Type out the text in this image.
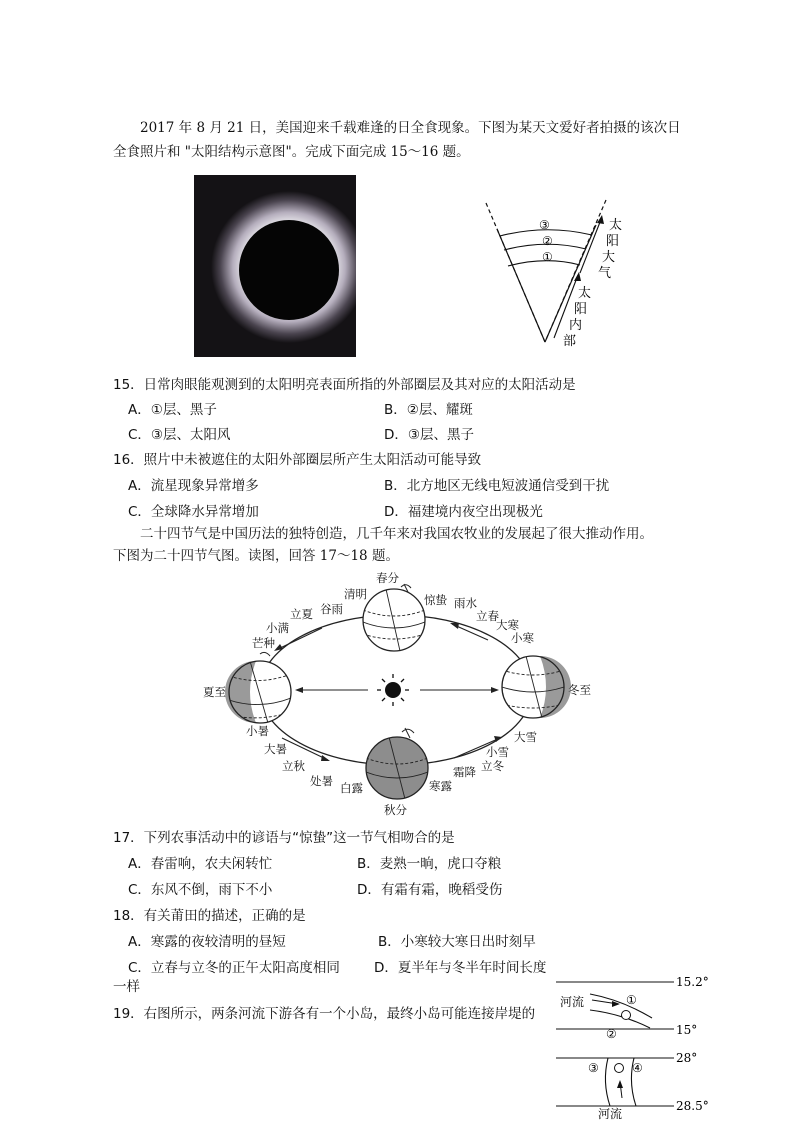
2017 年 8 月 21 日，美国迎来千载难逢的日全食现象。下图为某天文爱好者拍摄的该次日
全食照片和 "太阳结构示意图"。完成下面完成 15～16 题。
③
②
①
太
阳
大
气
太
阳
内
部
15．日常肉眼能观测到的太阳明亮表面所指的外部圈层及其对应的太阳活动是
A．①层、黑子	B．②层、耀斑
C．③层、太阳风	D．③层、黑子
16．照片中未被遮住的太阳外部圈层所产生太阳活动可能导致
A．流星现象异常增多	B．北方地区无线电短波通信受到干扰
C．全球降水异常增加	D．福建境内夜空出现极光
二十四节气是中国历法的独特创造，几千年来对我国农牧业的发展起了很大推动作用。
下图为二十四节气图。读图，回答 17～18 题。
春分
夏至	冬至
秋分
清明
谷雨
立夏
小满
芒种
小暑
大暑
立秋
处暑 白露	寒露
霜降 立冬
小雪
大雪
小寒
大寒
立春
雨水
惊蛰
17．下列农事活动中的谚语与“惊蛰”这一节气相吻合的是
A．春雷响，农夫闲转忙	B．麦熟一晌，虎口夺粮
C．东风不倒，雨下不小	D．有霜有霜，晚稻受伤
18．有关莆田的描述，正确的是
A．寒露的夜较清明的昼短	B．小寒较大寒日出时刻早
C．立春与立冬的正午太阳高度相同	D．夏半年与冬半年时间长度
一样
19．右图所示，两条河流下游各有一个小岛，最终小岛可能连接岸堤的
15.2°
15°
28°
28.5°
河流	①
②
③	④
河流
